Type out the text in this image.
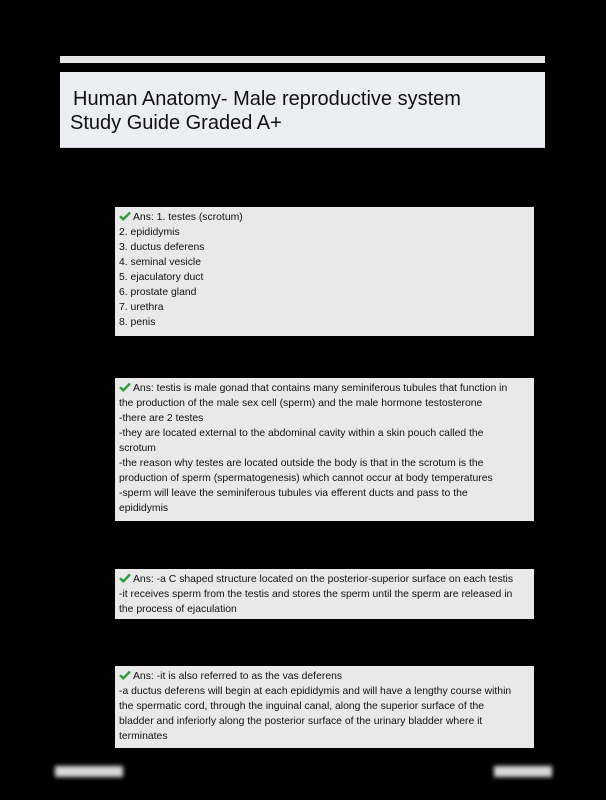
Human Anatomy- Male reproductive system
Study Guide Graded A+
Ans: 1. testes (scrotum)
2. epididymis
3. ductus deferens
4. seminal vesicle
5. ejaculatory duct
6. prostate gland
7. urethra
8. penis
Ans: testis is male gonad that contains many seminiferous tubules that function in
the production of the male sex cell (sperm) and the male hormone testosterone
-there are 2 testes
-they are located external to the abdominal cavity within a skin pouch called the
scrotum
-the reason why testes are located outside the body is that in the scrotum is the
production of sperm (spermatogenesis) which cannot occur at body temperatures
-sperm will leave the seminiferous tubules via efferent ducts and pass to the
epididymis
Ans: -a C shaped structure located on the posterior-superior surface on each testis
-it receives sperm from the testis and stores the sperm until the sperm are released in
the process of ejaculation
Ans: -it is also referred to as the vas deferens
-a ductus deferens will begin at each epididymis and will have a lengthy course within
the spermatic cord, through the inguinal canal, along the superior surface of the
bladder and inferiorly along the posterior surface of the urinary bladder where it
terminates
